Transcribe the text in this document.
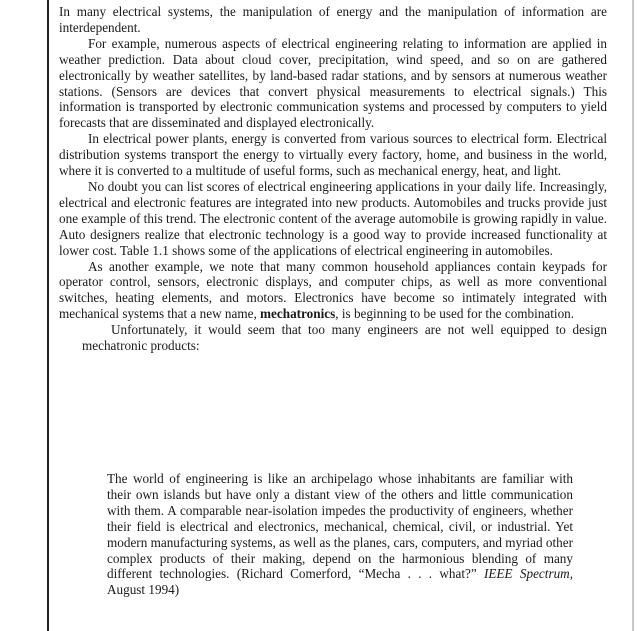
In many electrical systems, the manipulation of energy and the manipulation of information are interdependent.

For example, numerous aspects of electrical engineering relating to information are applied in weather prediction. Data about cloud cover, precipitation, wind speed, and so on are gathered electronically by weather satellites, by land-based radar stations, and by sensors at numerous weather stations. (Sensors are devices that convert physical measurements to electrical signals.) This information is transported by electronic communication systems and processed by computers to yield forecasts that are disseminated and displayed electronically.

In electrical power plants, energy is converted from various sources to electrical form. Electrical distribution systems transport the energy to virtually every factory, home, and business in the world, where it is converted to a multitude of useful forms, such as mechanical energy, heat, and light.

No doubt you can list scores of electrical engineering applications in your daily life. Increasingly, electrical and electronic features are integrated into new products. Automobiles and trucks provide just one example of this trend. The electronic content of the average automobile is growing rapidly in value. Auto designers realize that electronic technology is a good way to provide increased functionality at lower cost. Table 1.1 shows some of the applications of electrical engineering in automobiles.

As another example, we note that many common household appliances contain keypads for operator control, sensors, electronic displays, and computer chips, as well as more conventional switches, heating elements, and motors. Electronics have become so intimately integrated with mechanical systems that a new name, mechatronics, is beginning to be used for the combination.

Unfortunately, it would seem that too many engineers are not well equipped to design mechatronic products:

The world of engineering is like an archipelago whose inhabitants are familiar with their own islands but have only a distant view of the others and little communication with them. A comparable near-isolation impedes the productivity of engineers, whether their field is electrical and electronics, mechanical, chemical, civil, or industrial. Yet modern manufacturing systems, as well as the planes, cars, computers, and myriad other complex products of their making, depend on the harmonious blending of many different technologies. (Richard Comerford, “Mecha . . . what?” IEEE Spectrum, August 1994)
